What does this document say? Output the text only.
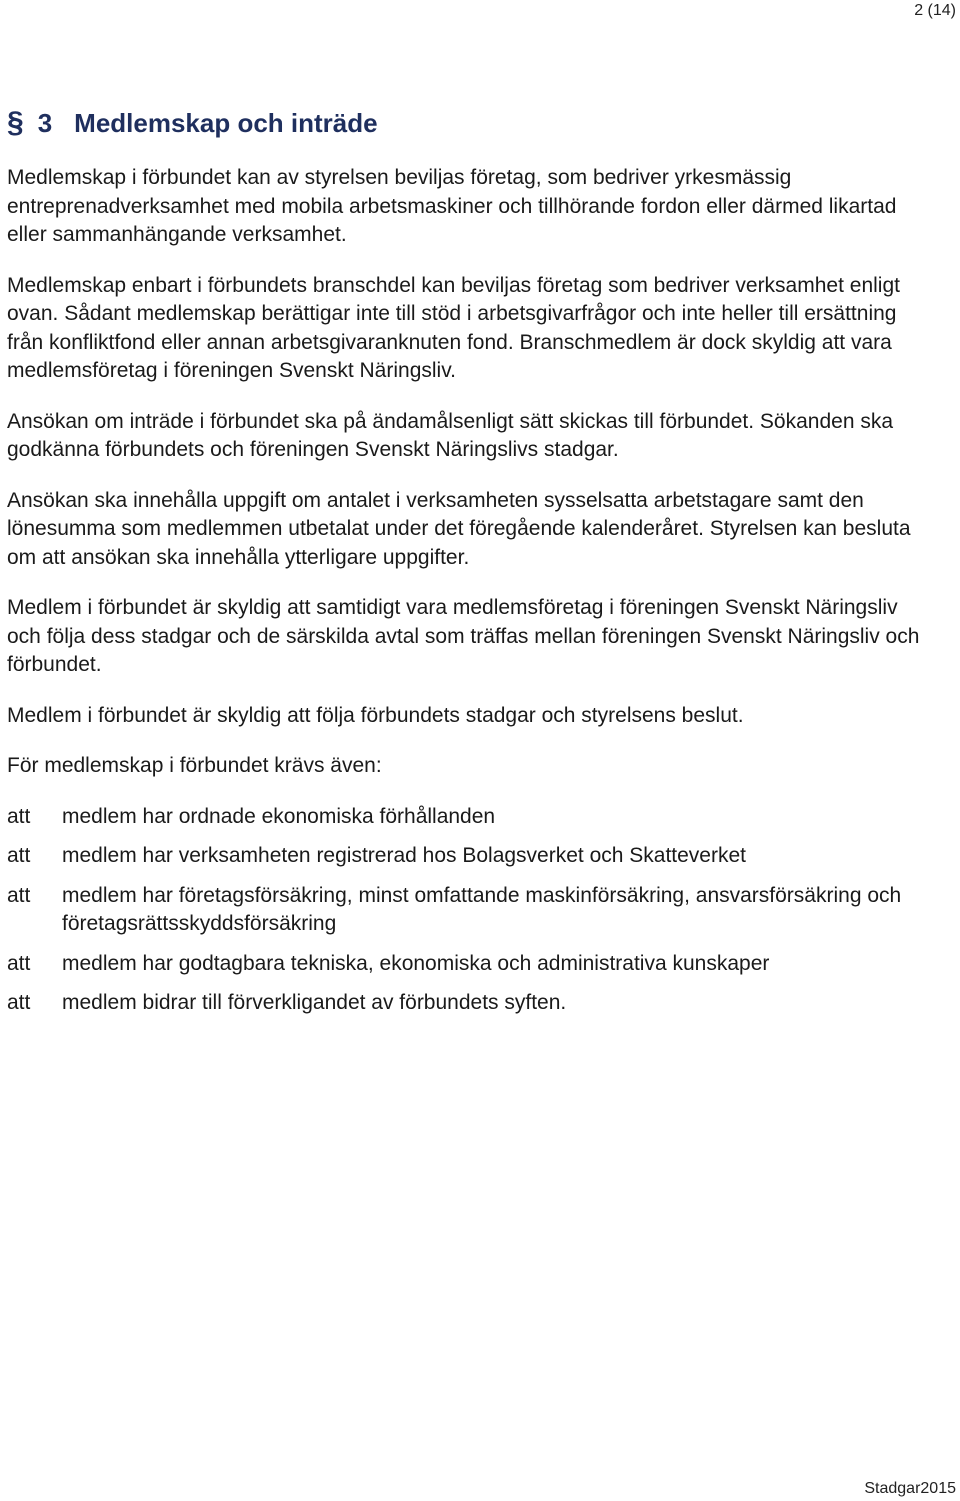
2 (14)
§ 3 Medlemskap och inträde

Medlemskap i förbundet kan av styrelsen beviljas företag, som bedriver yrkesmässig entreprenadverksamhet med mobila arbetsmaskiner och tillhörande fordon eller därmed likartad eller sammanhängande verksamhet.

Medlemskap enbart i förbundets branschdel kan beviljas företag som bedriver verksamhet enligt ovan. Sådant medlemskap berättigar inte till stöd i arbetsgivarfrågor och inte heller till ersättning från konfliktfond eller annan arbetsgivaranknuten fond. Branschmedlem är dock skyldig att vara medlemsföretag i föreningen Svenskt Näringsliv.

Ansökan om inträde i förbundet ska på ändamålsenligt sätt skickas till förbundet. Sökanden ska godkänna förbundets och föreningen Svenskt Näringslivs stadgar.

Ansökan ska innehålla uppgift om antalet i verksamheten sysselsatta arbetstagare samt den lönesumma som medlemmen utbetalat under det föregående kalenderåret. Styrelsen kan besluta om att ansökan ska innehålla ytterligare uppgifter.

Medlem i förbundet är skyldig att samtidigt vara medlemsföretag i föreningen Svenskt Näringsliv och följa dess stadgar och de särskilda avtal som träffas mellan föreningen Svenskt Näringsliv och förbundet.

Medlem i förbundet är skyldig att följa förbundets stadgar och styrelsens beslut.

För medlemskap i förbundet krävs även:

att	medlem har ordnade ekonomiska förhållanden
att	medlem har verksamheten registrerad hos Bolagsverket och Skatteverket
att	medlem har företagsförsäkring, minst omfattande maskinförsäkring, ansvarsförsäkring och företagsrättsskyddsförsäkring
att	medlem har godtagbara tekniska, ekonomiska och administrativa kunskaper
att	medlem bidrar till förverkligandet av förbundets syften.
Stadgar2015
